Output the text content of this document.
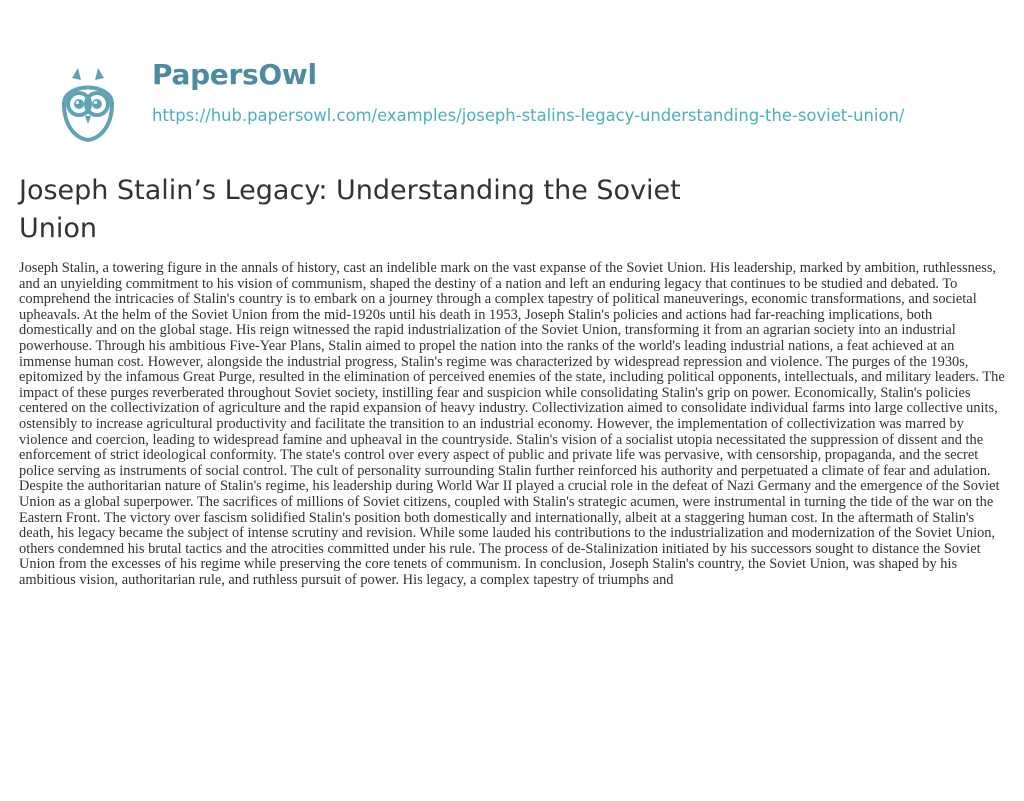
PapersOwl
https://hub.papersowl.com/examples/joseph-stalins-legacy-understanding-the-soviet-union/
Joseph Stalin’s Legacy: Understanding the Soviet Union

Joseph Stalin, a towering figure in the annals of history, cast an indelible mark on the vast expanse of the Soviet Union. His leadership, marked by ambition, ruthlessness, and an unyielding commitment to his vision of communism, shaped the destiny of a nation and left an enduring legacy that continues to be studied and debated. To comprehend the intricacies of Stalin's country is to embark on a journey through a complex tapestry of political maneuverings, economic transformations, and societal upheavals. At the helm of the Soviet Union from the mid-1920s until his death in 1953, Joseph Stalin's policies and actions had far-reaching implications, both domestically and on the global stage. His reign witnessed the rapid industrialization of the Soviet Union, transforming it from an agrarian society into an industrial powerhouse. Through his ambitious Five-Year Plans, Stalin aimed to propel the nation into the ranks of the world's leading industrial nations, a feat achieved at an immense human cost. However, alongside the industrial progress, Stalin's regime was characterized by widespread repression and violence. The purges of the 1930s, epitomized by the infamous Great Purge, resulted in the elimination of perceived enemies of the state, including political opponents, intellectuals, and military leaders. The impact of these purges reverberated throughout Soviet society, instilling fear and suspicion while consolidating Stalin's grip on power. Economically, Stalin's policies centered on the collectivization of agriculture and the rapid expansion of heavy industry. Collectivization aimed to consolidate individual farms into large collective units, ostensibly to increase agricultural productivity and facilitate the transition to an industrial economy. However, the implementation of collectivization was marred by violence and coercion, leading to widespread famine and upheaval in the countryside. Stalin's vision of a socialist utopia necessitated the suppression of dissent and the enforcement of strict ideological conformity. The state's control over every aspect of public and private life was pervasive, with censorship, propaganda, and the secret police serving as instruments of social control. The cult of personality surrounding Stalin further reinforced his authority and perpetuated a climate of fear and adulation. Despite the authoritarian nature of Stalin's regime, his leadership during World War II played a crucial role in the defeat of Nazi Germany and the emergence of the Soviet Union as a global superpower. The sacrifices of millions of Soviet citizens, coupled with Stalin's strategic acumen, were instrumental in turning the tide of the war on the Eastern Front. The victory over fascism solidified Stalin's position both domestically and internationally, albeit at a staggering human cost. In the aftermath of Stalin's death, his legacy became the subject of intense scrutiny and revision. While some lauded his contributions to the industrialization and modernization of the Soviet Union, others condemned his brutal tactics and the atrocities committed under his rule. The process of de-Stalinization initiated by his successors sought to distance the Soviet Union from the excesses of his regime while preserving the core tenets of communism. In conclusion, Joseph Stalin's country, the Soviet Union, was shaped by his ambitious vision, authoritarian rule, and ruthless pursuit of power. His legacy, a complex tapestry of triumphs and
